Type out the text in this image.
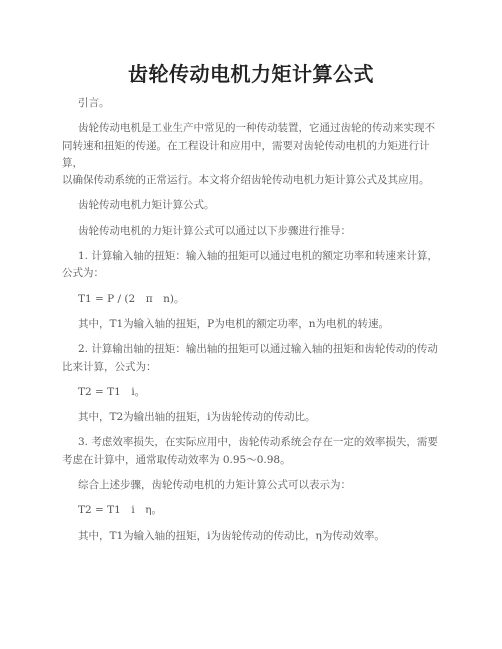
齿轮传动电机力矩计算公式

引言。

齿轮传动电机是工业生产中常见的一种传动装置，它通过齿轮的传动来实现不
同转速和扭矩的传递。在工程设计和应用中，需要对齿轮传动电机的力矩进行计算，
以确保传动系统的正常运行。本文将介绍齿轮传动电机力矩计算公式及其应用。

齿轮传动电机力矩计算公式。

齿轮传动电机的力矩计算公式可以通过以下步骤进行推导：

1. 计算输入轴的扭矩：输入轴的扭矩可以通过电机的额定功率和转速来计算，
公式为：

T1 = P / (2　π　n)。

其中，T1为输入轴的扭矩，P为电机的额定功率，n为电机的转速。

2. 计算输出轴的扭矩：输出轴的扭矩可以通过输入轴的扭矩和齿轮传动的传动
比来计算，公式为：

T2 = T1　i。

其中，T2为输出轴的扭矩，i为齿轮传动的传动比。

3. 考虑效率损失，在实际应用中，齿轮传动系统会存在一定的效率损失，需要
考虑在计算中，通常取传动效率为 0.95～0.98。

综合上述步骤，齿轮传动电机的力矩计算公式可以表示为：

T2 = T1　i　η。

其中，T1为输入轴的扭矩，i为齿轮传动的传动比，η为传动效率。
